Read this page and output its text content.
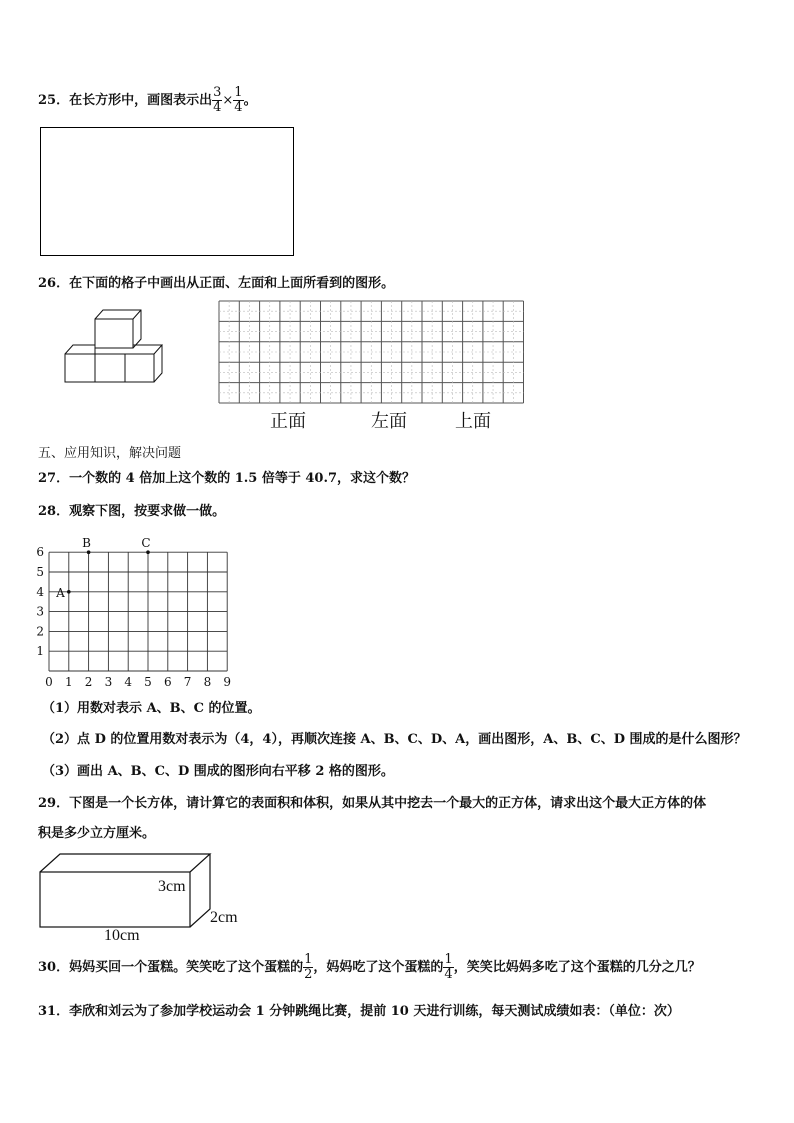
25．在长方形中，画图表示出 $\frac{3}{4} \times \frac{1}{4}$ 。
26．在下面的格子中画出从正面、左面和上面所看到的图形。
正面	左面	上面
五、应用知识，解决问题
27．一个数的 4 倍加上这个数的 1.5 倍等于 40.7，求这个数？
28．观察下图，按要求做一做。
0 1 2 3 4 5 6 7 8 9
1
2
3
4
5
6
A
B	C
（1）用数对表示 A、B、C 的位置。
（2）点 D 的位置用数对表示为（4，4），再顺次连接 A、B、C、D、A，画出图形，A、B、C、D 围成的是什么图形？
（3）画出 A、B、C、D 围成的图形向右平移 2 格的图形。
29．下图是一个长方体，请计算它的表面积和体积，如果从其中挖去一个最大的正方体，请求出这个最大正方体的体
积是多少立方厘米。
3cm
2cm
10cm
30．妈妈买回一个蛋糕。笑笑吃了这个蛋糕的 $\frac{1}{2}$ ，妈妈吃了这个蛋糕的 $\frac{1}{4}$ ，笑笑比妈妈多吃了这个蛋糕的几分之几？
31．李欣和刘云为了参加学校运动会 1 分钟跳绳比赛，提前 10 天进行训练，每天测试成绩如表：（单位：次）
